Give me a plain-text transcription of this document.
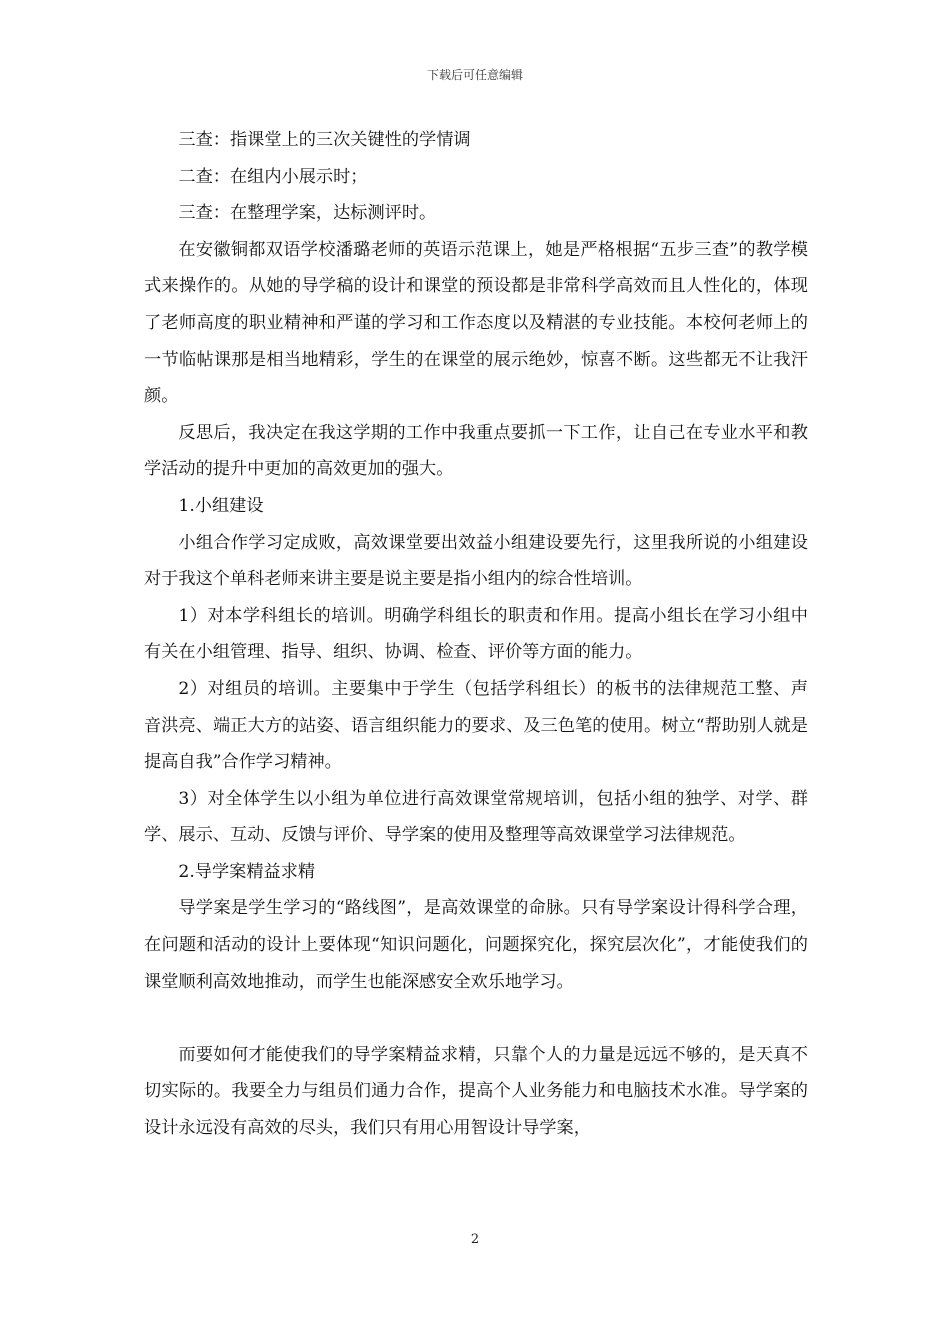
下载后可任意编辑

三查：指课堂上的三次关键性的学情调

二查：在组内小展示时；

三查：在整理学案，达标测评时。

在安徽铜都双语学校潘璐老师的英语示范课上，她是严格根据“五步三查”的教学模式来操作的。从她的导学稿的设计和课堂的预设都是非常科学高效而且人性化的，体现了老师高度的职业精神和严谨的学习和工作态度以及精湛的专业技能。本校何老师上的一节临帖课那是相当地精彩，学生的在课堂的展示绝妙，惊喜不断。这些都无不让我汗颜。

反思后，我决定在我这学期的工作中我重点要抓一下工作，让自己在专业水平和教学活动的提升中更加的高效更加的强大。

1.小组建设

小组合作学习定成败，高效课堂要出效益小组建设要先行，这里我所说的小组建设对于我这个单科老师来讲主要是说主要是指小组内的综合性培训。

1）对本学科组长的培训。明确学科组长的职责和作用。提高小组长在学习小组中有关在小组管理、指导、组织、协调、检查、评价等方面的能力。

2）对组员的培训。主要集中于学生（包括学科组长）的板书的法律规范工整、声音洪亮、端正大方的站姿、语言组织能力的要求、及三色笔的使用。树立“帮助别人就是提高自我”合作学习精神。

3）对全体学生以小组为单位进行高效课堂常规培训，包括小组的独学、对学、群学、展示、互动、反馈与评价、导学案的使用及整理等高效课堂学习法律规范。

2.导学案精益求精

导学案是学生学习的“路线图”，是高效课堂的命脉。只有导学案设计得科学合理，在问题和活动的设计上要体现“知识问题化，问题探究化，探究层次化”，才能使我们的课堂顺利高效地推动，而学生也能深感安全欢乐地学习。

而要如何才能使我们的导学案精益求精，只靠个人的力量是远远不够的，是天真不切实际的。我要全力与组员们通力合作，提高个人业务能力和电脑技术水准。导学案的设计永远没有高效的尽头，我们只有用心用智设计导学案，

2
